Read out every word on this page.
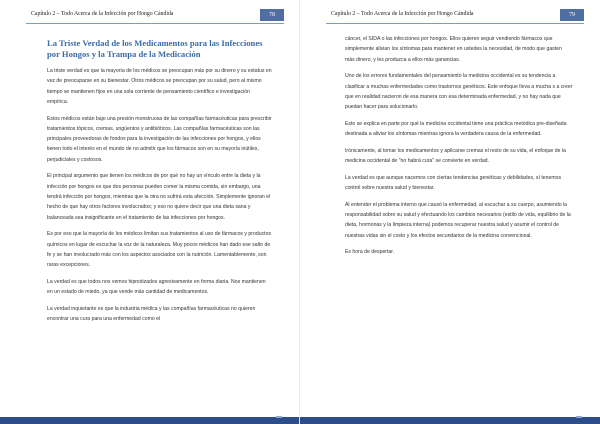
Capítulo 2 – Todo Acerca de la Infección por Hongo Cándida	78
La Triste Verdad de los Medicamentos para las Infecciones por Hongos y la Trampa de la Medicación

La triste verdad es que la mayoría de los médicos se preocupan más por su dinero y su estatus en vez de preocuparse en su bienestar. Otros médicos se preocupan por su salud, pero al mismo tiempo se mantienen fijos en una sola corriente de pensamiento científico e investigación empírica.

Estos médicos están bajo una presión monstruosa de las compañías farmacéuticas para prescribir tratamientos tópicos, cremas, ungüentos y antibióticos. Las compañías farmacéuticas son las principales proveedoras de fondos para la investigación de las infecciones por hongos, y ellos tienen todo el interés en el mundo de no admitir que los fármacos son en su mayoría inútiles, perjudiciales y costosos.

El principal argumento que tienen los médicos de por qué no hay un vínculo entre la dieta y la infección por hongos es que dos personas pueden comer la misma comida, sin embargo, una tendrá infección por hongos, mientras que la otra no sufrirá esta afección. Simplemente ignoran el hecho de que hay otros factores involucrados; y eso no quiere decir que una dieta sana y balanceada sea insignificante en el tratamiento de las infecciones por hongos.

Es por eso que la mayoría de los médicos limitan sus tratamientos al uso de fármacos y productos químicos en lugar de escuchar la voz de la naturaleza. Muy pocos médicos han dado ese salto de fe y se han involucrado más con los aspectos asociados con la nutrición. Lamentablemente, son raras excepciones.

La verdad es que todos nos vemos hipnotizados agresivamente en forma diaria. Nos mantienen en un estado de miedo, ya que vende más cantidad de medicamentos.

La verdad inquietante es que la industria médica y las compañías farmacéuticas no quieren encontrar una cura para una enfermedad como el

Capítulo 2 – Todo Acerca de la Infección por Hongo Cándida	79

cáncer, el SIDA o las infecciones por hongos. Ellos quieren seguir vendiendo fármacos que simplemente alivian los síntomas para mantener en ustedes la necesidad, de modo que gasten más dinero, y les produzca a ellos más ganancias.

Uno de los errores fundamentales del pensamiento la medicina occidental es su tendencia a clasificar a muchas enfermedades como trastornos genéticos. Este enfoque lleva a mucha s a creer que en realidad nacieron de esa manera con esa determinada enfermedad, y no hay nada que puedan hacer para solucionarlo.

Esto se explica en parte por qué la medicina occidental tiene una práctica metódica pre-diseñada destinada a aliviar los síntomas mientras ignora la verdadera causa de la enfermedad.

Irónicamente, al tomar los medicamentos y aplicarse cremas el resto de su vida, el enfoque de la medicina occidental de "no habrá cura" se convierte en verdad.

La verdad es que aunque nacemos con ciertas tendencias genéticas y debilidades, sí tenemos control sobre nuestra salud y bienestar.

Al entender el problema interno que causó la enfermedad, al escuchar a su cuerpo, asumiendo la responsabilidad sobre su salud y efectuando los cambios necesarios (estilo de vida, equilibrio de la dieta, hormonas y la limpieza interna) podemos recuperar nuestra salud y asumir el control de nuestras vidas sin el costo y los efectos secundarios de la medicina convencional.

Es hora de despertar.
